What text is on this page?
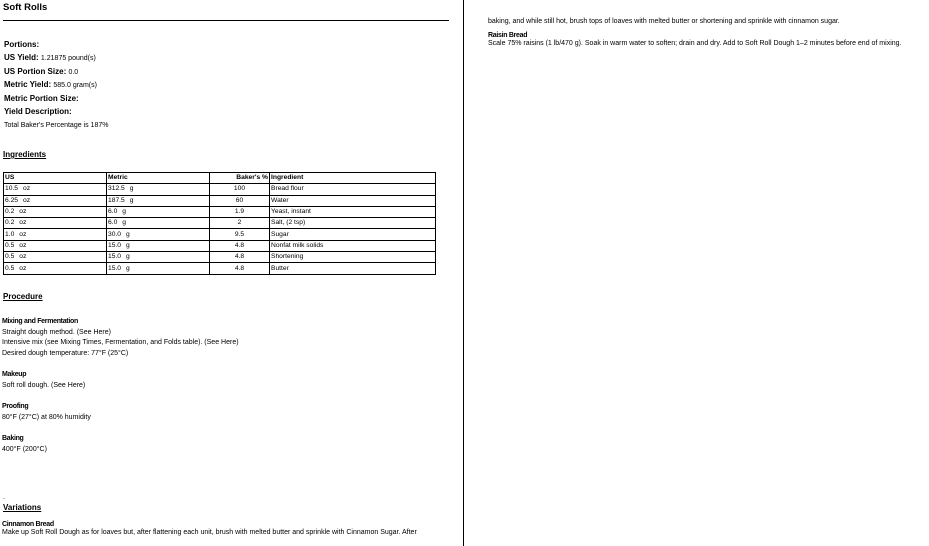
Soft Rolls
Portions:
US Yield: 1.21875 pound(s)
US Portion Size: 0.0
Metric Yield: 585.0 gram(s)
Metric Portion Size:
Yield Description:
Total Baker's Percentage is 187%
Ingredients
US	Metric	Baker's %	Ingredient
10.5 oz	312.5 g	100	Bread flour
6.25 oz	187.5 g	60	Water
0.2 oz	6.0 g	1.9	Yeast, instant
0.2 oz	6.0 g	2	Salt, (2 tsp)
1.0 oz	30.0 g	9.5	Sugar
0.5 oz	15.0 g	4.8	Nonfat milk solids
0.5 oz	15.0 g	4.8	Shortening
0.5 oz	15.0 g	4.8	Butter
Procedure
Mixing and Fermentation
Straight dough method. (See Here)
Intensive mix (see Mixing Times, Fermentation, and Folds table). (See Here)
Desired dough temperature: 77°F (25°C)
Makeup
Soft roll dough. (See Here)
Proofing
80°F (27°C) at 80% humidity
Baking
400°F (200°C)
.
Variations
Cinnamon Bread
Make up Soft Roll Dough as for loaves but, after flattening each unit, brush with melted butter and sprinkle with Cinnamon Sugar. After
baking, and while still hot, brush tops of loaves with melted butter or shortening and sprinkle with cinnamon sugar.
Raisin Bread
Scale 75% raisins (1 lb/470 g). Soak in warm water to soften; drain and dry. Add to Soft Roll Dough 1–2 minutes before end of mixing.
